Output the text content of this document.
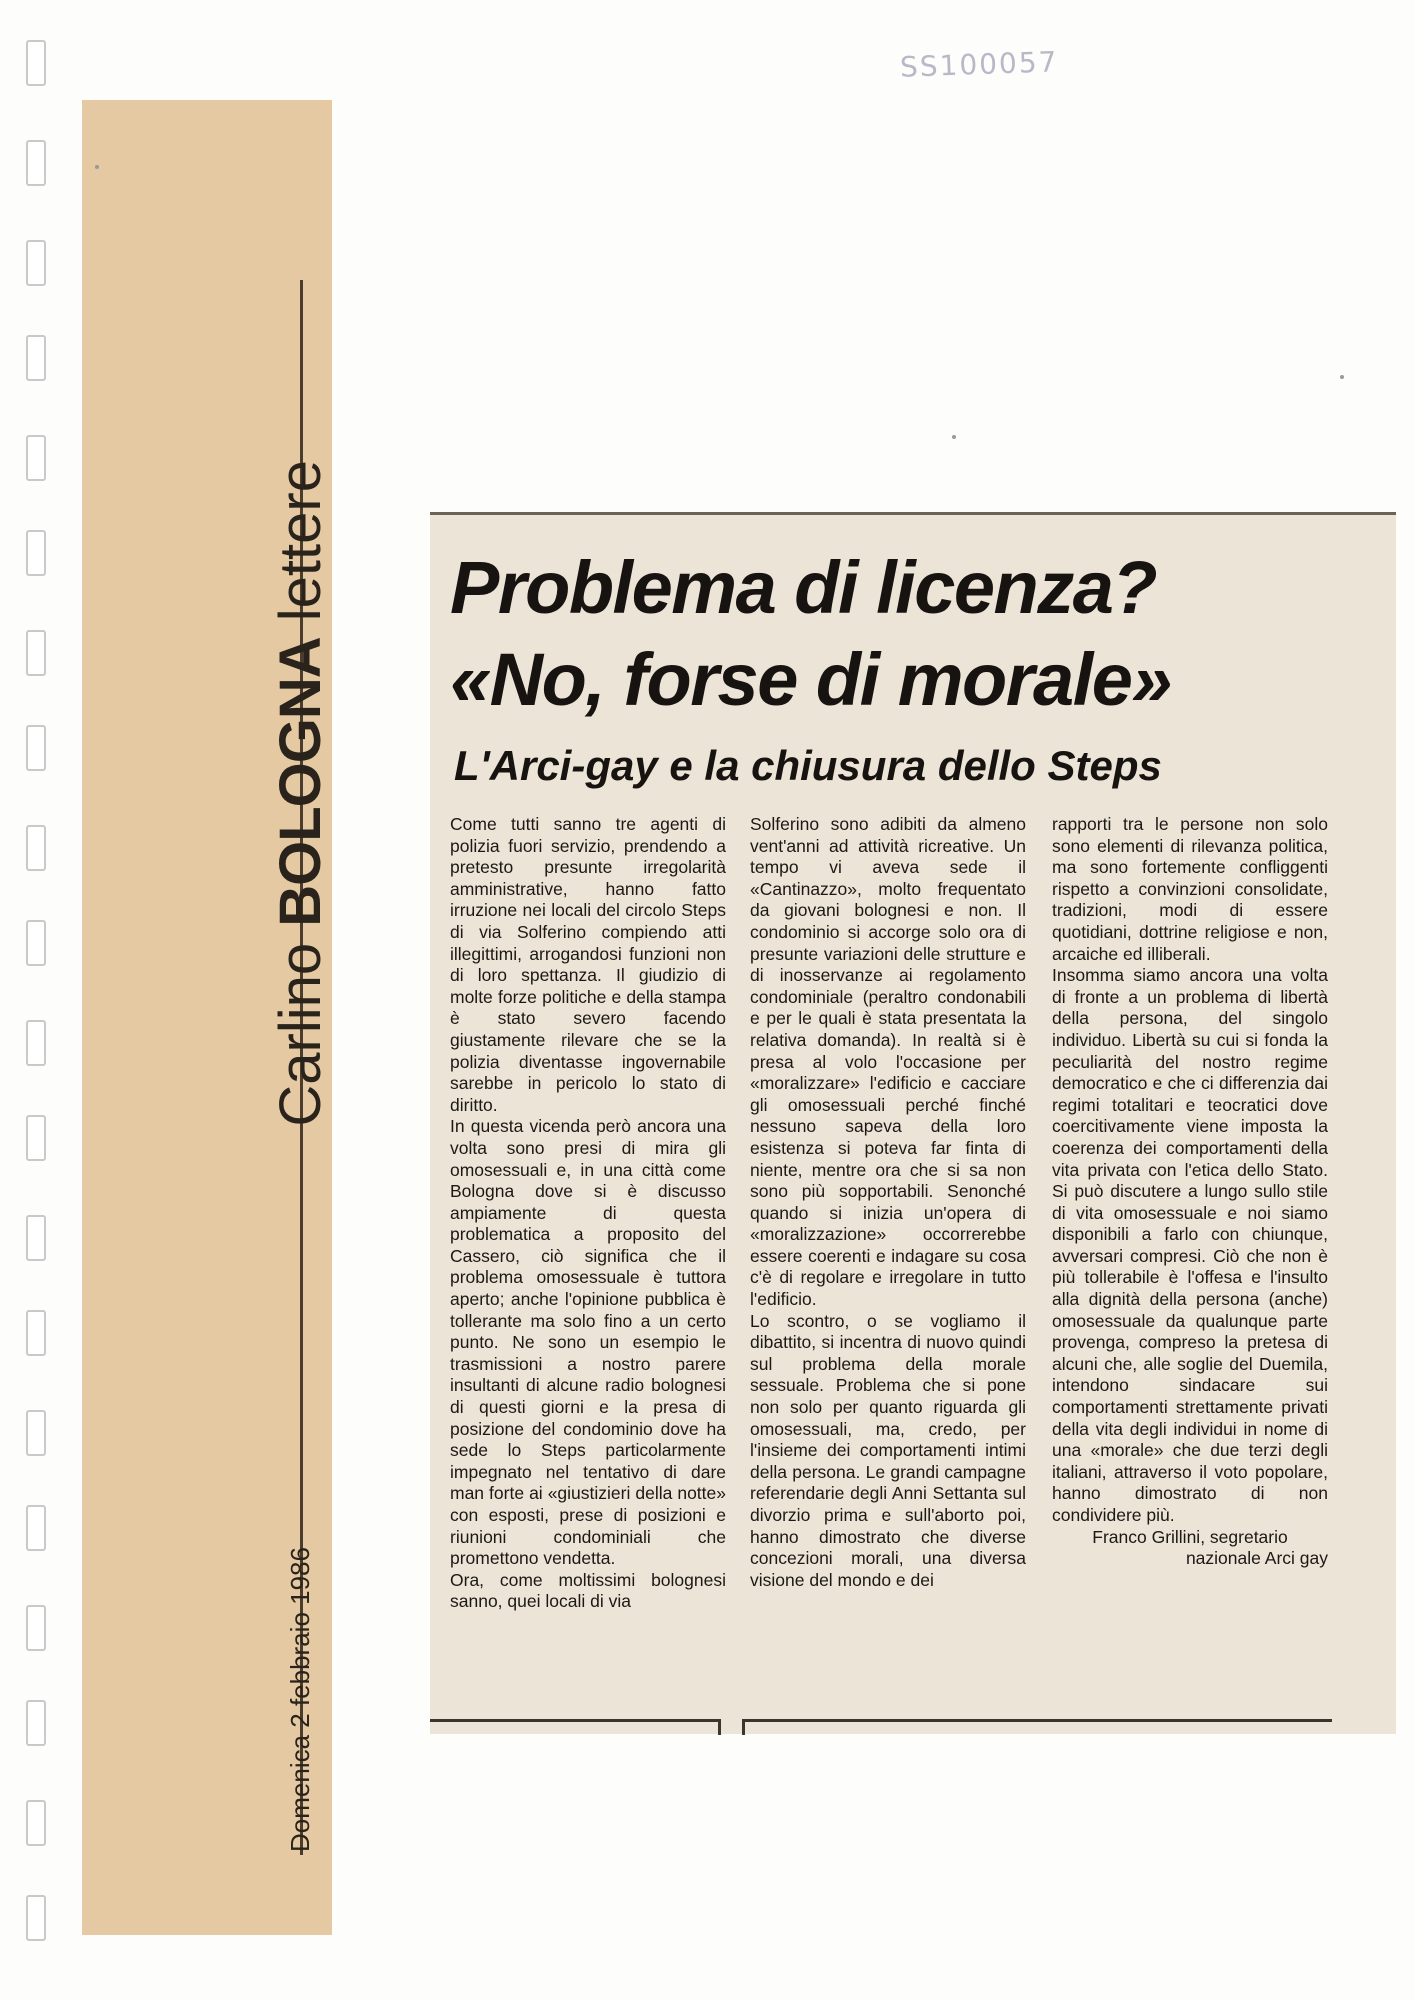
SS100057
Domenica 2 febbraio 1986
Carlino BOLOGNA lettere Problema di licenza?
«No, forse di morale»
L'Arci-gay e la chiusura dello Steps

Come tutti sanno tre agenti di polizia fuori servizio, prendendo a pretesto presunte irregolarità amministrative, hanno fatto irruzione nei locali del circolo Steps di via Solferino compiendo atti illegittimi, arrogandosi funzioni non di loro spettanza. Il giudizio di molte forze politiche e della stampa è stato severo facendo giustamente rilevare che se la polizia diventasse ingovernabile sarebbe in pericolo lo stato di diritto.

In questa vicenda però ancora una volta sono presi di mira gli omosessuali e, in una città come Bologna dove si è discusso ampiamente di questa problematica a proposito del Cassero, ciò significa che il problema omosessuale è tuttora aperto; anche l'opinione pubblica è tollerante ma solo fino a un certo punto. Ne sono un esempio le trasmissioni a nostro parere insultanti di alcune radio bolognesi di questi giorni e la presa di posizione del condominio dove ha sede lo Steps particolarmente impegnato nel tentativo di dare man forte ai «giustizieri della notte» con esposti, prese di posizioni e riunioni condominiali che promettono vendetta.

Ora, come moltissimi bolognesi sanno, quei locali di via

Solferino sono adibiti da almeno vent'anni ad attività ricreative. Un tempo vi aveva sede il «Cantinazzo», molto frequentato da giovani bolognesi e non. Il condominio si accorge solo ora di presunte variazioni delle strutture e di inosservanze ai regolamento condominiale (peraltro condonabili e per le quali è stata presentata la relativa domanda). In realtà si è presa al volo l'occasione per «moralizzare» l'edificio e cacciare gli omosessuali perché finché nessuno sapeva della loro esistenza si poteva far finta di niente, mentre ora che si sa non sono più sopportabili. Senonché quando si inizia un'opera di «moralizzazione» occorrerebbe essere coerenti e indagare su cosa c'è di regolare e irregolare in tutto l'edificio.

Lo scontro, o se vogliamo il dibattito, si incentra di nuovo quindi sul problema della morale sessuale. Problema che si pone non solo per quanto riguarda gli omosessuali, ma, credo, per l'insieme dei comportamenti intimi della persona. Le grandi campagne referendarie degli Anni Settanta sul divorzio prima e sull'aborto poi, hanno dimostrato che diverse concezioni morali, una diversa visione del mondo e dei

rapporti tra le persone non solo sono elementi di rilevanza politica, ma sono fortemente confliggenti rispetto a convinzioni consolidate, tradizioni, modi di essere quotidiani, dottrine religiose e non, arcaiche ed illiberali.

Insomma siamo ancora una volta di fronte a un problema di libertà della persona, del singolo individuo. Libertà su cui si fonda la peculiarità del nostro regime democratico e che ci differenzia dai regimi totalitari e teocratici dove coercitivamente viene imposta la coerenza dei comportamenti della vita privata con l'etica dello Stato. Si può discutere a lungo sullo stile di vita omosessuale e noi siamo disponibili a farlo con chiunque, avversari compresi. Ciò che non è più tollerabile è l'offesa e l'insulto alla dignità della persona (anche) omosessuale da qualunque parte provenga, compreso la pretesa di alcuni che, alle soglie del Duemila, intendono sindacare sui comportamenti strettamente privati della vita degli individui in nome di una «morale» che due terzi degli italiani, attraverso il voto popolare, hanno dimostrato di non condividere più.

Franco Grillini, segretario

nazionale Arci gay
